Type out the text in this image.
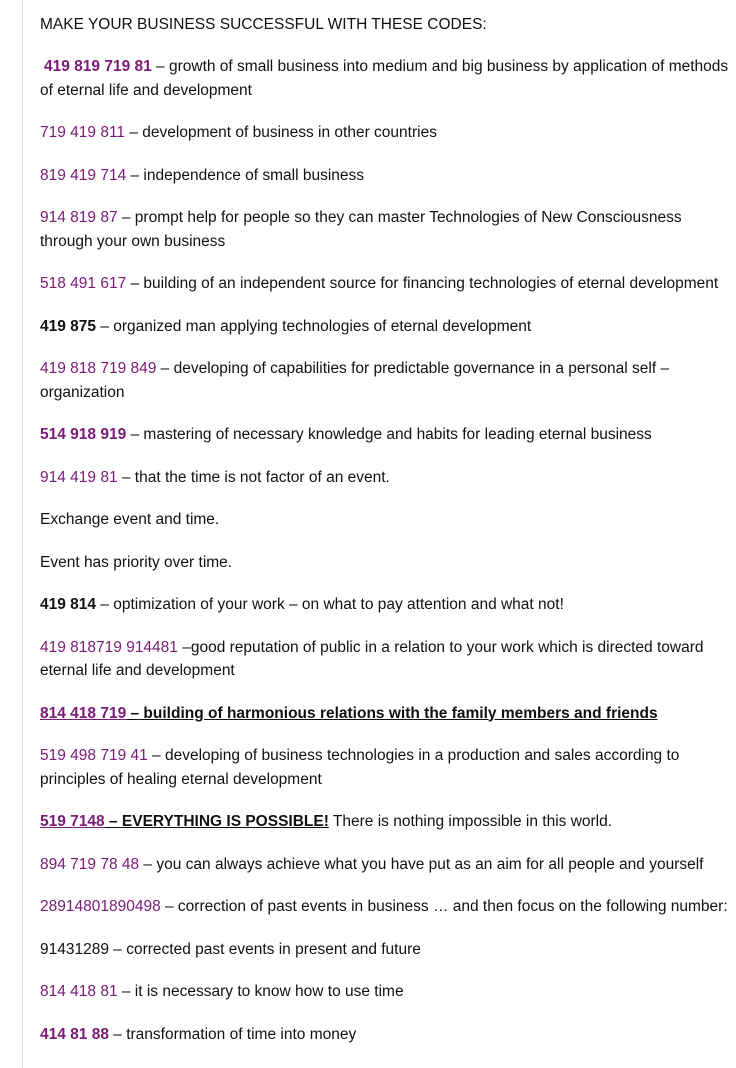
MAKE YOUR BUSINESS SUCCESSFUL WITH THESE CODES:

419 819 719 81 – growth of small business into medium and big business by application of methods of eternal life and development

719 419 811 – development of business in other countries

819 419 714 – independence of small business

914 819 87 – prompt help for people so they can master Technologies of New Consciousness through your own business

518 491 617 – building of an independent source for financing technologies of eternal development

419 875 – organized man applying technologies of eternal development

419 818 719 849 – developing of capabilities for predictable governance in a personal self – organization

514 918 919 – mastering of necessary knowledge and habits for leading eternal business

914 419 81 – that the time is not factor of an event.

Exchange event and time.

Event has priority over time.

419 814 – optimization of your work – on what to pay attention and what not!

419 818719 914481 –good reputation of public in a relation to your work which is directed toward eternal life and development

814 418 719 – building of harmonious relations with the family members and friends

519 498 719 41 – developing of business technologies in a production and sales according to principles of healing eternal development

519 7148 – EVERYTHING IS POSSIBLE! There is nothing impossible in this world.

894 719 78 48 – you can always achieve what you have put as an aim for all people and yourself

28914801890498 – correction of past events in business … and then focus on the following number:

91431289 – corrected past events in present and future

814 418 81 – it is necessary to know how to use time

414 81 88 – transformation of time into money
